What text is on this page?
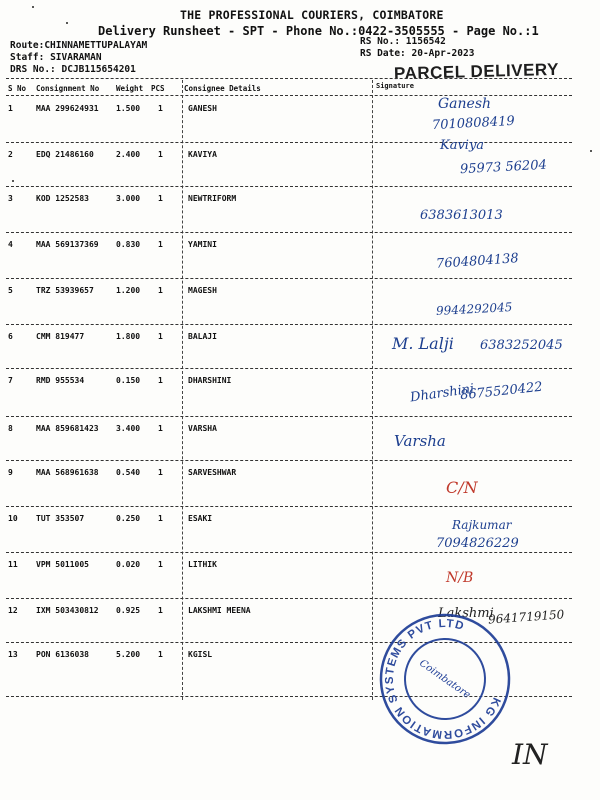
THE PROFESSIONAL COURIERS, COIMBATORE
Delivery Runsheet - SPT - Phone No.:0422-3505555 - Page No.:1
Route:CHINNAMETTUPALAYAM
Staff: SIVARAMAN
DRS No.: DCJB115654201
RS No.: 1156542
RS Date: 20-Apr-2023
PARCEL DELIVERY
S No Consignment No Weight PCS	Consignee Details	Signature
1	MAA 299624931 1.500 1	GANESH	Ganesh
7010808419
2	EDQ 21486160	2.400 1	KAVIYA
Kaviya
95973 56204
3	KOD 1252583	3.000 1	NEWTRIFORM
6383613013
4	MAA 569137369 0.830 1	YAMINI
7604804138
5	TRZ 53939657	1.200 1	MAGESH
9944292045
6	CMM 819477	1.800 1	BALAJI	M. Lalji 6383252045
7	RMD 955534	0.150 1	DHARSHINI
Dharshini
8675520422
8	MAA 859681423 3.400 1	VARSHA
Varsha
9	MAA 568961638 0.540 1	SARVESHWAR
C/N
10 TUT 353507	0.250 1	ESAKI	Rajkumar
7094826229
11 VPM 5011005	0.020 1	LITHIK
N/B
12 IXM 503430812 0.925 1	LAKSHMI MEENA	Lakshmi
9641719150
13 PON 6136038	5.200 1	KGISL
KG INFORMATION SYSTEMS PVT LTD
Coimbatore
IN
